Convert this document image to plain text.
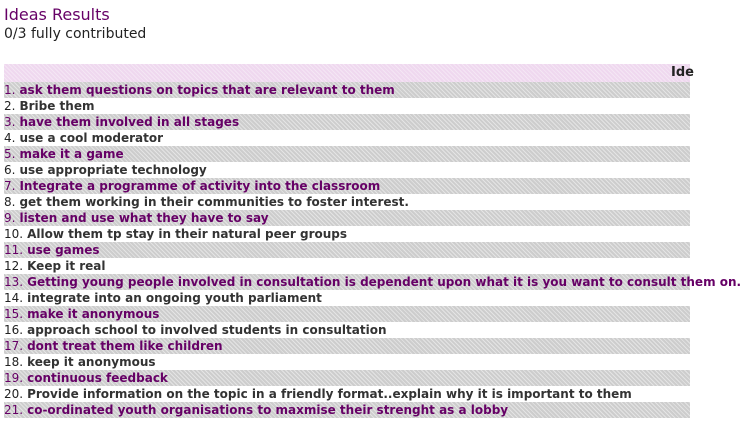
Ideas Results
0/3 fully contributed
Ide
1. ask them questions on topics that are relevant to them
2. Bribe them
3. have them involved in all stages
4. use a cool moderator
5. make it a game
6. use appropriate technology
7. Integrate a programme of activity into the classroom
8. get them working in their communities to foster interest.
9. listen and use what they have to say
10. Allow them tp stay in their natural peer groups
11. use games
12. Keep it real
13. Getting young people involved in consultation is dependent upon what it is you want to consult them on.
14. integrate into an ongoing youth parliament
15. make it anonymous
16. approach school to involved students in consultation
17. dont treat them like children
18. keep it anonymous
19. continuous feedback
20. Provide information on the topic in a friendly format..explain why it is important to them
21. co-ordinated youth organisations to maxmise their strenght as a lobby
